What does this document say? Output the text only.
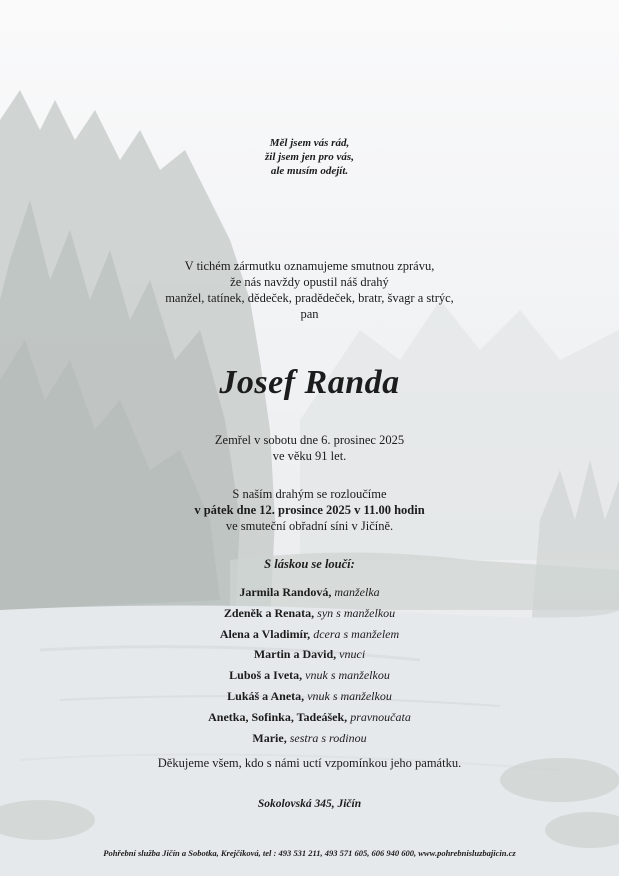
Měl jsem vás rád,
žil jsem jen pro vás,
ale musím odejít.
V tichém zármutku oznamujeme smutnou zprávu,
že nás navždy opustil náš drahý
manžel, tatínek, dědeček, pradědeček, bratr, švagr a strýc,
pan
Josef Randa
Zemřel v sobotu dne 6. prosinec 2025
ve věku 91 let.
S naším drahým se rozloučíme
v pátek dne 12. prosince 2025 v 11.00 hodin
ve smuteční obřadní síni v Jičíně.
S láskou se loučí:
Jarmila Randová, manželka
Zdeněk a Renata, syn s manželkou
Alena a Vladimír, dcera s manželem
Martin a David, vnuci
Luboš a Iveta, vnuk s manželkou
Lukáš a Aneta, vnuk s manželkou
Anetka, Sofinka, Tadeášek, pravnoučata
Marie, sestra s rodinou
Děkujeme všem, kdo s námi uctí vzpomínkou jeho památku.
Sokolovská 345, Jičín
Pohřební služba Jičín a Sobotka, Krejčíková, tel : 493 531 211, 493 571 605, 606 940 600, www.pohrebnisluzbajicin.cz
